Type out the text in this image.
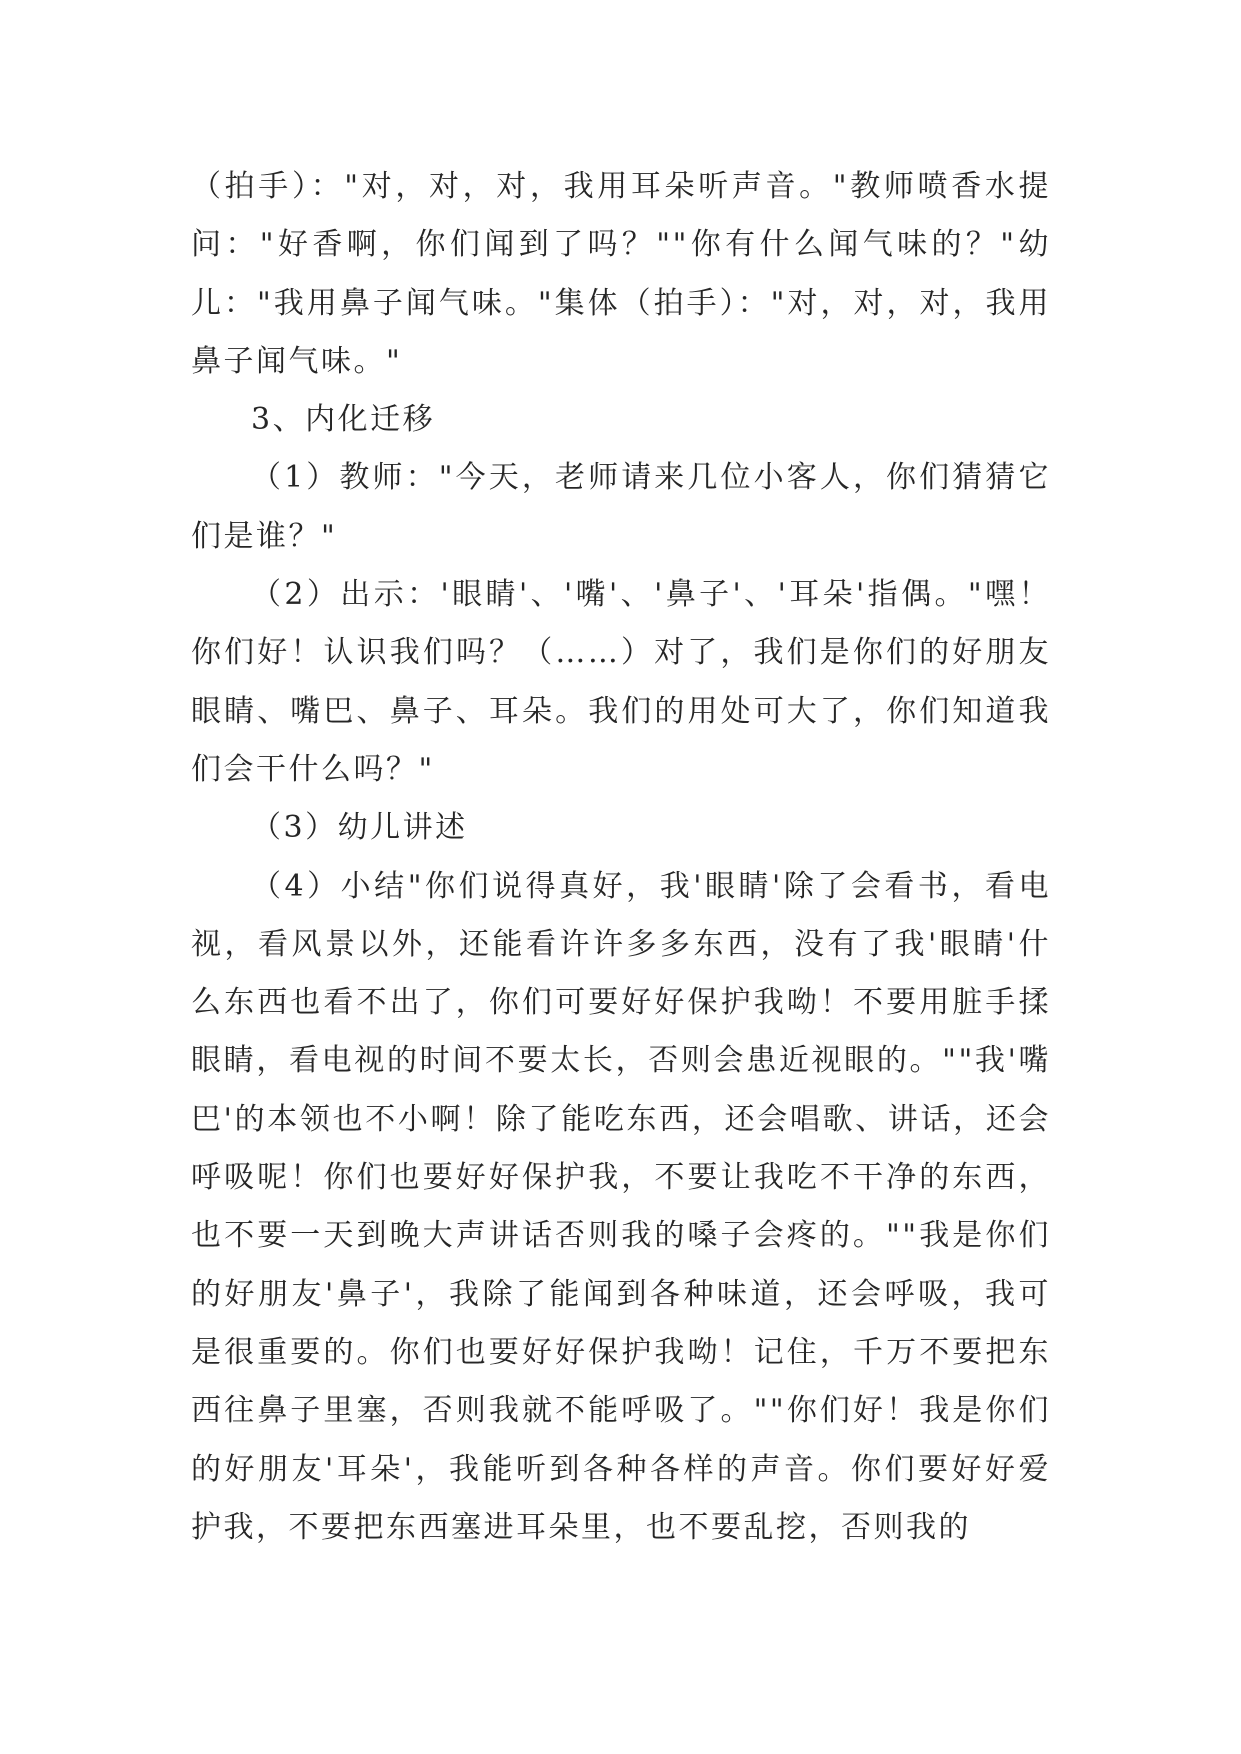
（拍手）："对，对，对，我用耳朵听声音。"教师喷香水提问："好香啊，你们闻到了吗？""你有什么闻气味的？"幼儿："我用鼻子闻气味。"集体（拍手）："对，对，对，我用鼻子闻气味。"

3、内化迁移

（1）教师："今天，老师请来几位小客人，你们猜猜它们是谁？"

（2）出示：'眼睛'、'嘴'、'鼻子'、'耳朵'指偶。"嘿！你们好！认识我们吗？（……）对了，我们是你们的好朋友眼睛、嘴巴、鼻子、耳朵。我们的用处可大了，你们知道我们会干什么吗？"

（3）幼儿讲述

（4）小结"你们说得真好，我'眼睛'除了会看书，看电视，看风景以外，还能看许许多多东西，没有了我'眼睛'什么东西也看不出了，你们可要好好保护我呦！不要用脏手揉眼睛，看电视的时间不要太长，否则会患近视眼的。""我'嘴巴'的本领也不小啊！除了能吃东西，还会唱歌、讲话，还会呼吸呢！你们也要好好保护我，不要让我吃不干净的东西，也不要一天到晚大声讲话否则我的嗓子会疼的。""我是你们的好朋友'鼻子'，我除了能闻到各种味道，还会呼吸，我可是很重要的。你们也要好好保护我呦！记住，千万不要把东西往鼻子里塞，否则我就不能呼吸了。""你们好！我是你们的好朋友'耳朵'，我能听到各种各样的声音。你们要好好爱护我，不要把东西塞进耳朵里，也不要乱挖，否则我的
